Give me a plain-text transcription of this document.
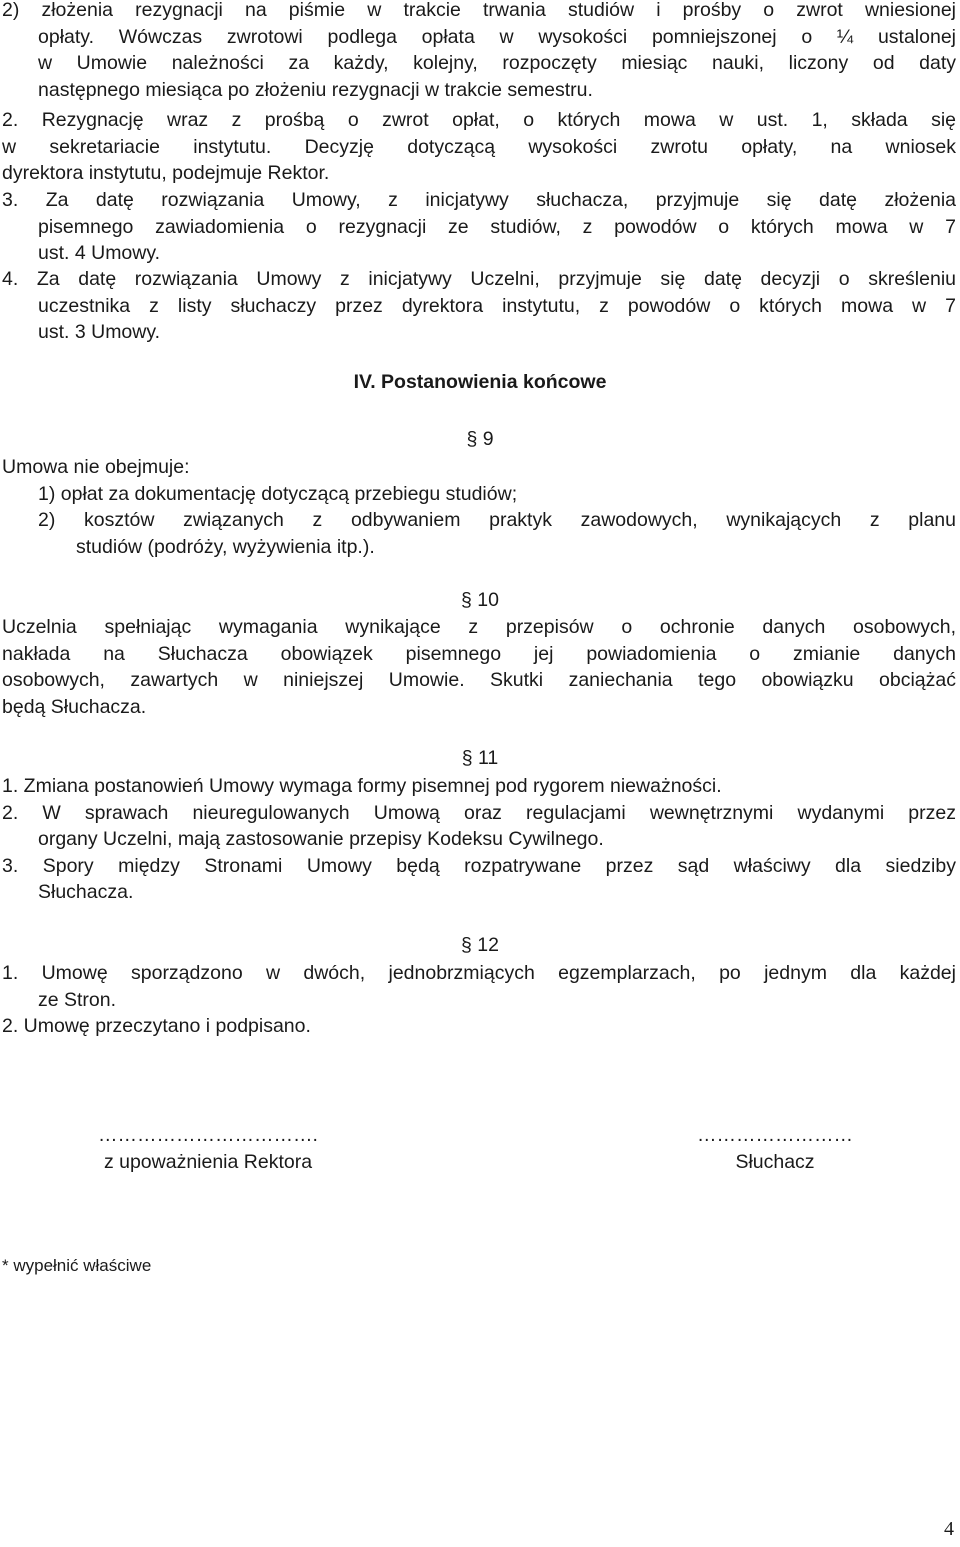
2) złożenia rezygnacji na piśmie w trakcie trwania studiów i prośby o zwrot wniesionej
opłaty. Wówczas zwrotowi podlega opłata w wysokości pomniejszonej o ¼ ustalonej
w Umowie należności za każdy, kolejny, rozpoczęty miesiąc nauki, liczony od daty
następnego miesiąca po złożeniu rezygnacji w trakcie semestru.
2. Rezygnację wraz z prośbą o zwrot opłat, o których mowa w ust. 1, składa się
w sekretariacie instytutu. Decyzję dotyczącą wysokości zwrotu opłaty, na wniosek
dyrektora instytutu, podejmuje Rektor.
3. Za datę rozwiązania Umowy, z inicjatywy słuchacza, przyjmuje się datę złożenia
pisemnego zawiadomienia o rezygnacji ze studiów, z powodów o których mowa w 7
ust. 4 Umowy.
4. Za datę rozwiązania Umowy z inicjatywy Uczelni, przyjmuje się datę decyzji o skreśleniu
uczestnika z listy słuchaczy przez dyrektora instytutu, z powodów o których mowa w 7
ust. 3 Umowy.
IV. Postanowienia końcowe
§ 9
Umowa nie obejmuje:
1) opłat za dokumentację dotyczącą przebiegu studiów;
2) kosztów związanych z odbywaniem praktyk zawodowych, wynikających z planu
studiów (podróży, wyżywienia itp.).
§ 10
Uczelnia spełniając wymagania wynikające z przepisów o ochronie danych osobowych,
nakłada na Słuchacza obowiązek pisemnego jej powiadomienia o zmianie danych
osobowych, zawartych w niniejszej Umowie. Skutki zaniechania tego obowiązku obciążać
będą Słuchacza.
§ 11
1. Zmiana postanowień Umowy wymaga formy pisemnej pod rygorem nieważności.
2. W sprawach nieuregulowanych Umową oraz regulacjami wewnętrznymi wydanymi przez
organy Uczelni, mają zastosowanie przepisy Kodeksu Cywilnego.
3. Spory między Stronami Umowy będą rozpatrywane przez sąd właściwy dla siedziby
Słuchacza.
§ 12
1. Umowę sporządzono w dwóch, jednobrzmiących egzemplarzach, po jednym dla każdej
ze Stron.
2. Umowę przeczytano i podpisano.
…………………………….
z upoważnienia Rektora
……………………
Słuchacz
* wypełnić właściwe
4
